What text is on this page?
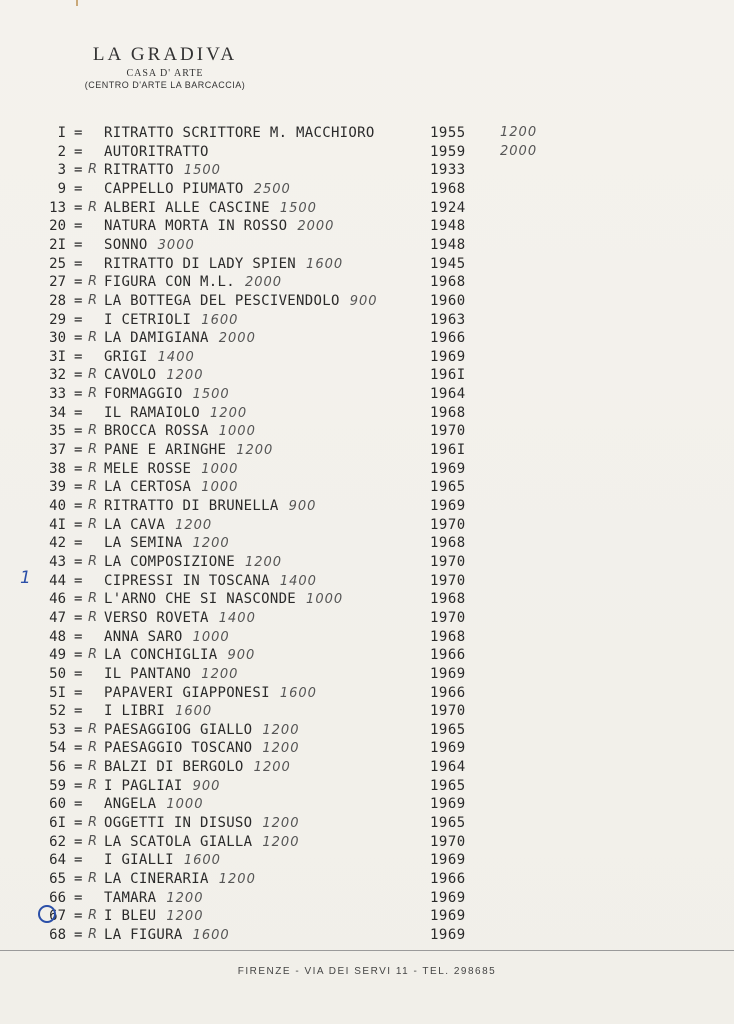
LA GRADIVA
CASA D' ARTE
(CENTRO D'ARTE LA BARCACCIA)
I = RITRATTO SCRITTORE M. MACCHIORO	1955	1200
2 = AUTORITRATTO	1959	2000
3 = R RITRATTO 1500	1933
9 = CAPPELLO PIUMATO 2500	1968
13 = R ALBERI ALLE CASCINE 1500	1924
20 = NATURA MORTA IN ROSSO 2000	1948
2I = SONNO 3000	1948
25 = RITRATTO DI LADY SPIEN 1600	1945
27 = R FIGURA CON M.L. 2000	1968
28 = R LA BOTTEGA DEL PESCIVENDOLO 900	1960
29 = I CETRIOLI 1600	1963
30 = R LA DAMIGIANA 2000	1966
3I = GRIGI 1400	1969
32 = R CAVOLO 1200	196I
33 = R FORMAGGIO 1500	1964
34 = IL RAMAIOLO 1200	1968
35 = R BROCCA ROSSA 1000	1970
37 = R PANE E ARINGHE 1200	196I
38 = R MELE ROSSE 1000	1969
39 = R LA CERTOSA 1000	1965
40 = R RITRATTO DI BRUNELLA 900	1969
4I = R LA CAVA 1200	1970
42 = LA SEMINA 1200	1968
43 = R LA COMPOSIZIONE 1200	1970
44 = CIPRESSI IN TOSCANA 1400	1970
46 = R L'ARNO CHE SI NASCONDE 1000	1968
47 = R VERSO ROVETA 1400	1970
48 = ANNA SARO 1000	1968
49 = R LA CONCHIGLIA 900	1966
50 = IL PANTANO 1200	1969
5I = PAPAVERI GIAPPONESI 1600	1966
52 = I LIBRI 1600	1970
53 = R PAESAGGIOG GIALLO 1200	1965
54 = R PAESAGGIO TOSCANO 1200	1969
56 = R BALZI DI BERGOLO 1200	1964
59 = R I PAGLIAI 900	1965
60 = ANGELA 1000	1969
6I = R OGGETTI IN DISUSO 1200	1965
62 = R LA SCATOLA GIALLA 1200	1970
64 = I GIALLI 1600	1969
65 = R LA CINERARIA 1200	1966
66 = TAMARA 1200	1969
67 = R I BLEU 1200	1969
68 = R LA FIGURA 1600	1969
1
FIRENZE - VIA DEI SERVI 11 - TEL. 298685
